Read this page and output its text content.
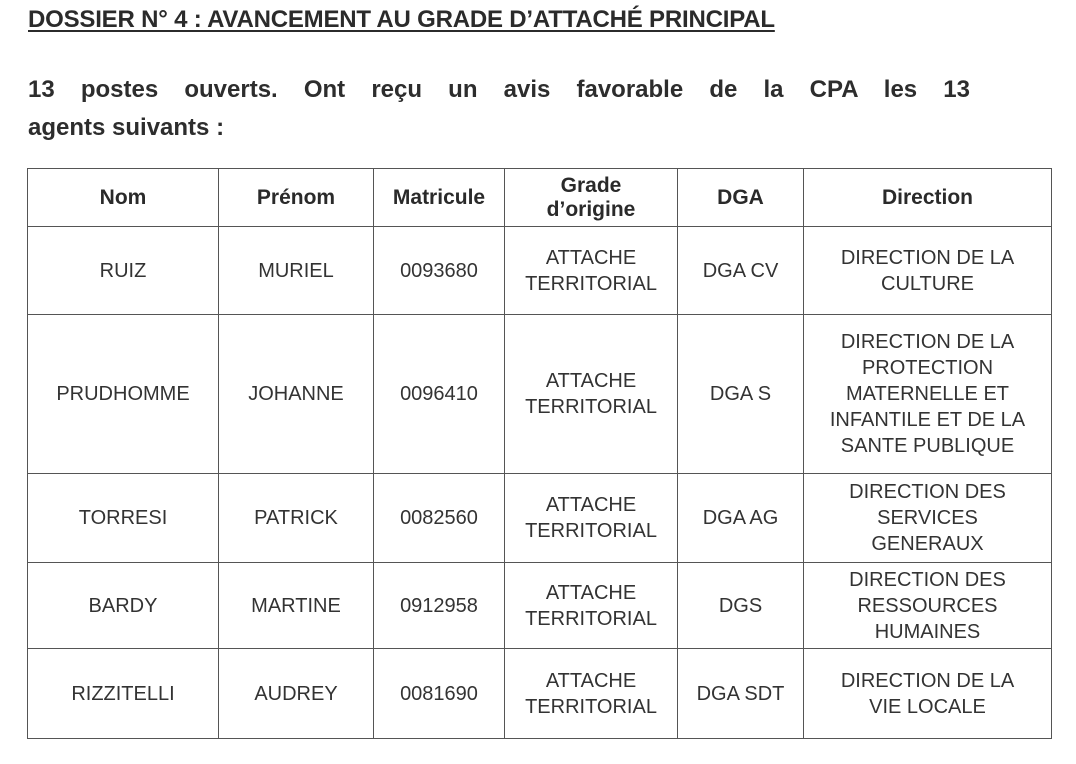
DOSSIER N° 4 : AVANCEMENT AU GRADE D’ATTACHÉ PRINCIPAL
13 postes ouverts. Ont reçu un avis favorable de la CPA les 13
agents suivants :
Nom	Prénom	Matricule	Grade d’origine	DGA	Direction
RUIZ	MURIEL	0093680	ATTACHE TERRITORIAL	DGA CV	DIRECTION DE LA CULTURE
PRUDHOMME	JOHANNE	0096410	ATTACHE TERRITORIAL	DGA S	DIRECTION DE LA PROTECTION MATERNELLE ET INFANTILE ET DE LA SANTE PUBLIQUE
TORRESI	PATRICK	0082560	ATTACHE TERRITORIAL	DGA AG	DIRECTION DES SERVICES GENERAUX
BARDY	MARTINE	0912958	ATTACHE TERRITORIAL	DGS	DIRECTION DES RESSOURCES HUMAINES
RIZZITELLI	AUDREY	0081690	ATTACHE TERRITORIAL	DGA SDT	DIRECTION DE LA VIE LOCALE
